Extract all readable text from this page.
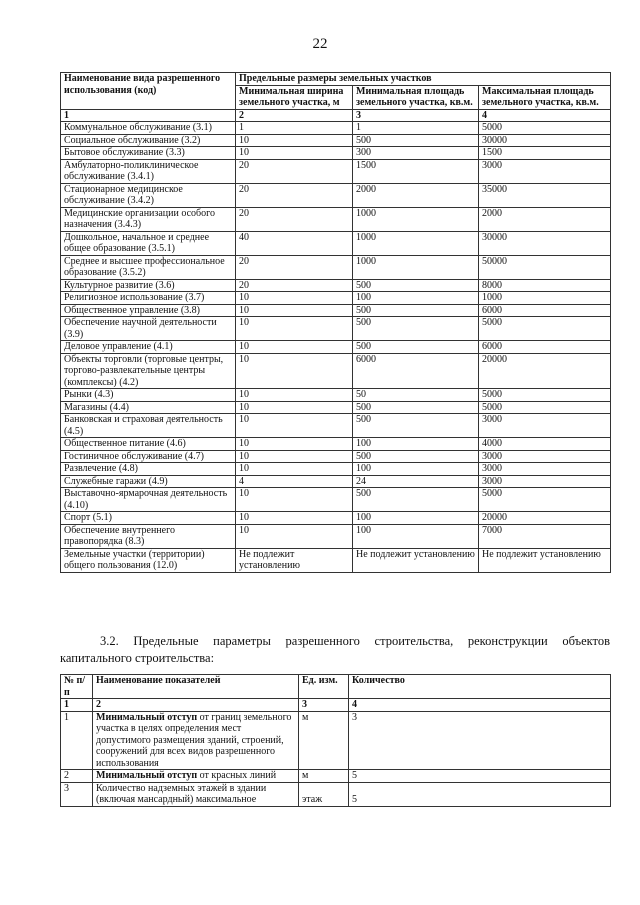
22
Наименование вида разрешенного использования (код)	Предельные размеры земельных участков		
	Минимальная ширина земельного участка, м	Минимальная площадь земельного участка, кв.м.	Максимальная площадь земельного участка, кв.м.
1	2	3	4
Коммунальное обслуживание (3.1)	1	1	5000
Социальное обслуживание (3.2)	10	500	30000
Бытовое обслуживание (3.3)	10	300	1500
Амбулаторно-поликлиническое обслуживание (3.4.1)	20	1500	3000
Стационарное медицинское обслуживание (3.4.2)	20	2000	35000
Медицинские организации особого назначения (3.4.3)	20	1000	2000
Дошкольное, начальное и среднее общее образование (3.5.1)	40	1000	30000
Среднее и высшее профессиональное образование (3.5.2)	20	1000	50000
Культурное развитие (3.6)	20	500	8000
Религиозное использование (3.7)	10	100	1000
Общественное управление (3.8)	10	500	6000
Обеспечение научной деятельности (3.9)	10	500	5000
Деловое управление (4.1)	10	500	6000
Объекты торговли (торговые центры, торгово-развлекательные центры (комплексы) (4.2)	10	6000	20000
Рынки (4.3)	10	50	5000
Магазины (4.4)	10	500	5000
Банковская и страховая деятельность (4.5)	10	500	3000
Общественное питание (4.6)	10	100	4000
Гостиничное обслуживание (4.7)	10	500	3000
Развлечение (4.8)	10	100	3000
Служебные гаражи (4.9)	4	24	3000
Выставочно-ярмарочная деятельность (4.10)	10	500	5000
Спорт (5.1)	10	100	20000
Обеспечение внутреннего правопорядка (8.3)	10	100	7000
Земельные участки (территории) общего пользования (12.0)	Не подлежит установлению	Не подлежит установлению	Не подлежит установлению
3.2. Предельные параметры разрешенного строительства, реконструкции объектов
капитального строительства:
№ п/п	Наименование показателей	Ед. изм.	Количество
1	2	3	4
1	Минимальный отступ от границ земельного участка в целях определения мест допустимого размещения зданий, строений, сооружений для всех видов разрешенного использования	м	3
2	Минимальный отступ от красных линий	м	5
3	Количество надземных этажей в здании (включая мансардный) максимальное	этаж	5
